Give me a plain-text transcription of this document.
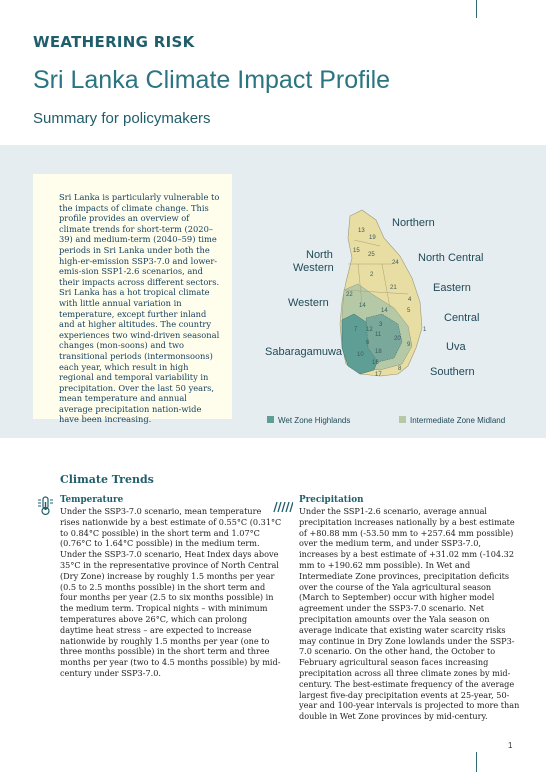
WEATHERING RISK
Sri Lanka Climate Impact Profile
Summary for policymakers

Sri Lanka is particularly vulnerable to the impacts of climate change. This profile provides an overview of climate trends for short-term (2020–39) and medium-term (2040–59) time periods in Sri Lanka under both the high-er-emission SSP3-7.0 and lower-emis-sion SSP1-2.6 scenarios, and their impacts across different sectors. Sri Lanka has a hot tropical climate with little annual variation in temperature, except further inland and at higher altitudes. The country experiences two wind-driven seasonal changes (mon-soons) and two transitional periods (intermonsoons) each year, which result in high regional and temporal variability in precipitation. Over the last 50 years, mean temperature and annual average precipitation nation-wide have been increasing.

13
19
15
25
24
2
21
4
22
14
14	5
7	1
3
12
11
20
6	9
10 18
16
8
17
Northern
North Central
Eastern
Central
Uva
Southern
North Western
Western
Sabaragamuwa
Wet Zone Highlands	Intermediate Zone Midland
Climate Trends
Temperature

Under the SSP3-7.0 scenario, mean temperature rises nationwide by a best estimate of 0.55°C (0.31°C to 0.84°C possible) in the short term and 1.07°C (0.76°C to 1.64°C possible) in the medium term. Under the SSP3-7.0 scenario, Heat Index days above 35°C in the representative province of North Central (Dry Zone) increase by roughly 1.5 months per year (0.5 to 2.5 months possible) in the short term and four months per year (2.5 to six months possible) in the medium term. Tropical nights – with minimum temperatures above 26°C, which can prolong daytime heat stress – are expected to increase nationwide by roughly 1.5 months per year (one to three months possible) in the short term and three months per year (two to 4.5 months possible) by mid-century under SSP3-7.0.

Precipitation

Under the SSP1-2.6 scenario, average annual precipitation increases nationally by a best estimate of +80.88 mm (-53.50 mm to +257.64 mm possible) over the medium term, and under SSP3-7.0, increases by a best estimate of +31.02 mm (-104.32 mm to +190.62 mm possible). In Wet and Intermediate Zone provinces, precipitation deficits over the course of the Yala agricultural season (March to September) occur with higher model agreement under the SSP3-7.0 scenario. Net precipitation amounts over the Yala season on average indicate that existing water scarcity risks may continue in Dry Zone lowlands under the SSP3-7.0 scenario. On the other hand, the October to February agricultural season faces increasing precipitation across all three climate zones by mid-century. The best-estimate frequency of the average largest five-day precipitation events at 25-year, 50-year and 100-year intervals is projected to more than double in Wet Zone provinces by mid-century.

1
